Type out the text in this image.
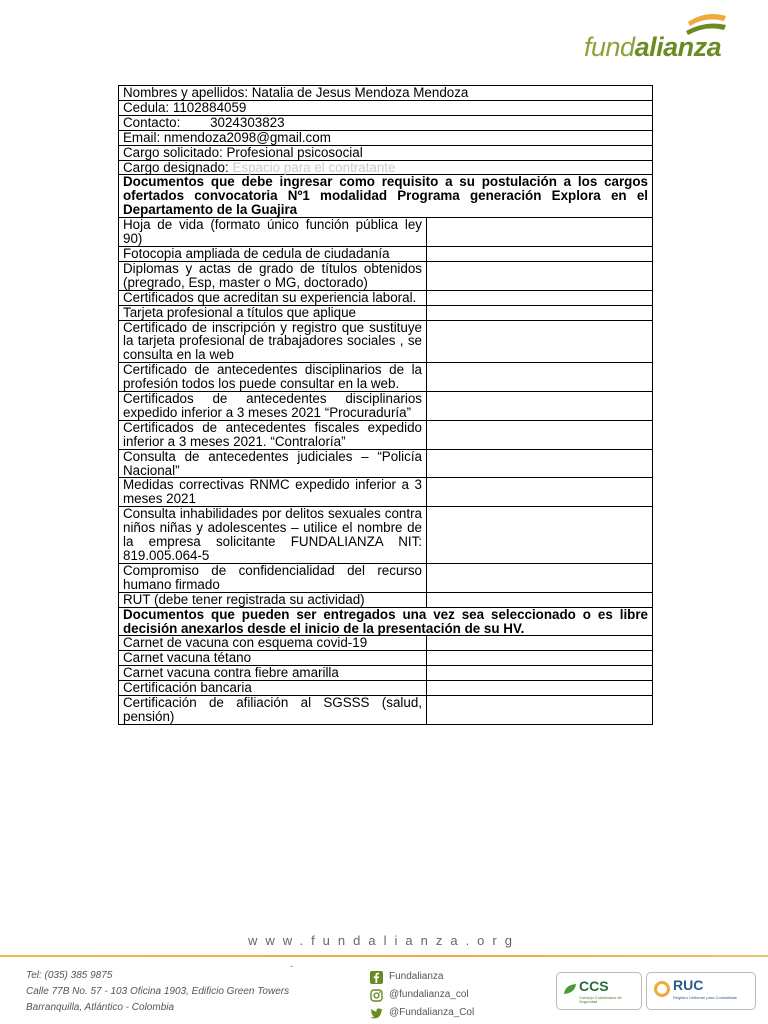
fundalianza
Nombres y apellidos: Natalia de Jesus Mendoza Mendoza	
Cedula: 1102884059	
Contacto:        3024303823	
Email: nmendoza2098@gmail.com	
Cargo solicitado: Profesional psicosocial	
Cargo designado: Espacio para el contratante	
Documentos que debe ingresar como requisito a su postulación a los cargos ofertados convocatoria Nº1 modalidad Programa generación Explora en el Departamento de la Guajira	
Hoja de vida (formato único función pública ley 90)	
Fotocopia ampliada de cedula de ciudadanía	
Diplomas y actas de grado de títulos obtenidos (pregrado, Esp, master o MG, doctorado)	
Certificados que acreditan su experiencia laboral.	
Tarjeta profesional a títulos que aplique	
Certificado de inscripción y registro que sustituye la tarjeta profesional de trabajadores sociales , se consulta en la web	
Certificado de antecedentes disciplinarios de la profesión todos los puede consultar en la web.	
Certificados de antecedentes disciplinarios expedido inferior a 3 meses 2021 “Procuraduría”	
Certificados de antecedentes fiscales expedido inferior a 3 meses 2021. “Contraloría”	
Consulta de antecedentes judiciales – “Policía Nacional”	
Medidas correctivas RNMC expedido inferior a 3 meses 2021	
Consulta inhabilidades por delitos sexuales contra niños niñas y adolescentes – utilice el nombre de la empresa solicitante FUNDALIANZA NIT: 819.005.064-5	
Compromiso de confidencialidad del recurso humano firmado	
RUT (debe tener registrada su actividad)	
Documentos que pueden ser entregados una vez sea seleccionado o es libre decisión anexarlos desde el inicio de la presentación de su HV.	
Carnet de vacuna con esquema covid-19	
Carnet vacuna tétano	
Carnet vacuna contra fiebre amarilla	
Certificación bancaria	
Certificación de afiliación al SGSSS (salud, pensión)	
www.fundalianza.org
-
Tel: (035) 385 9875
Calle 77B No. 57 - 103 Oficina 1903, Edificio Green Towers
Barranquilla, Atlántico - Colombia
Fundalianza
@fundalianza_col
@Fundalianza_Col
CCS
Consejo Colombiano de Seguridad
RUC
Registro Uniforme para Contratistas
